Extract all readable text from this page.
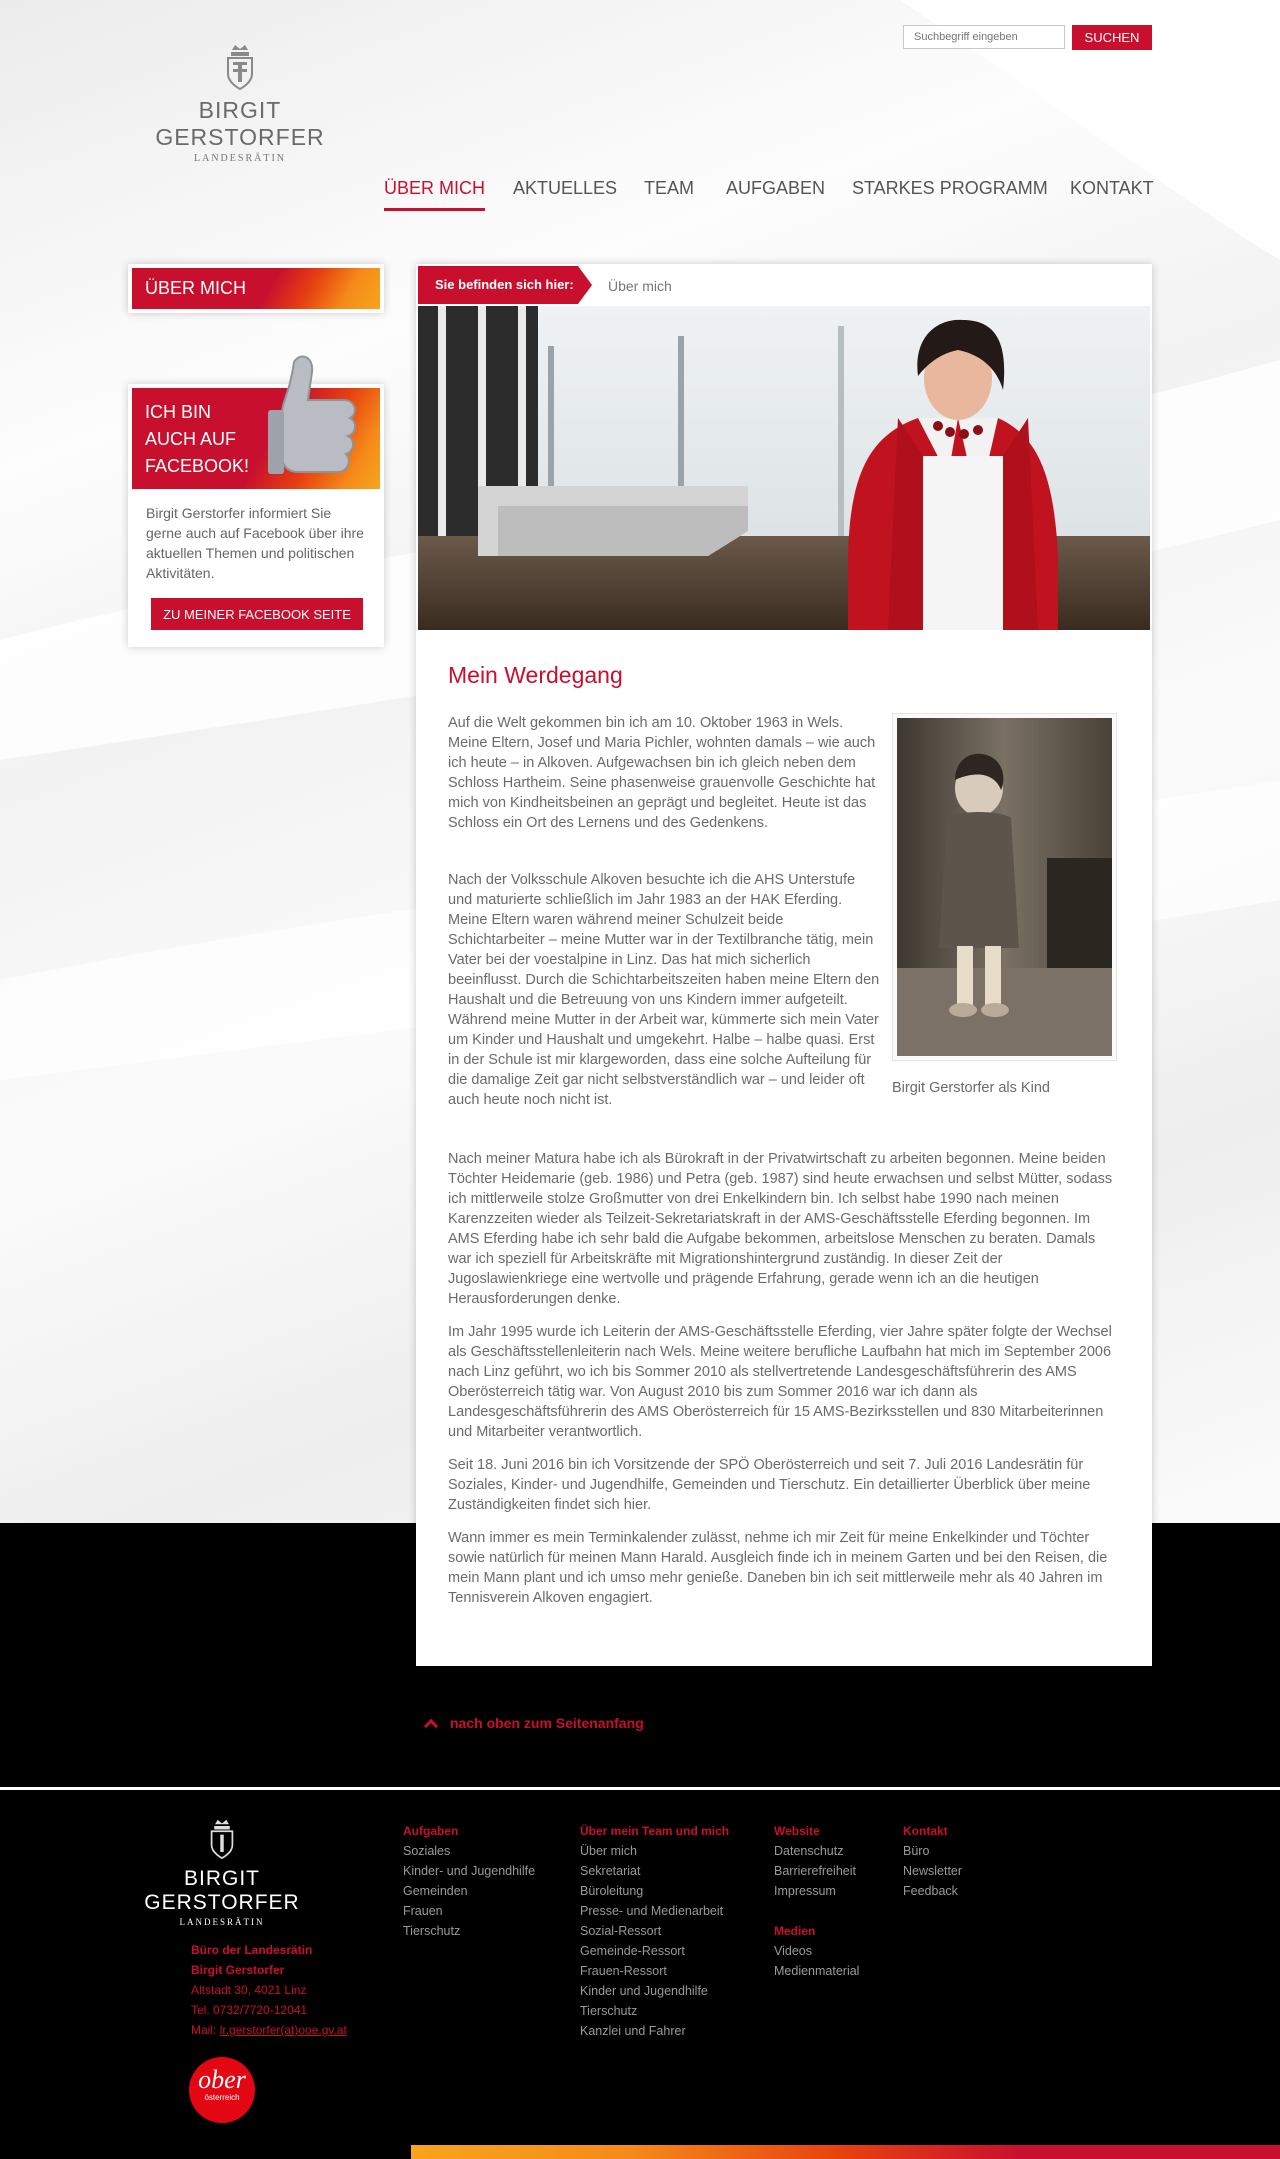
BIRGIT GERSTORFER
LANDESRÄTIN
Suchbegriff eingeben
SUCHEN
ÜBER MICH AKTUELLES TEAM AUFGABEN STARKES PROGRAMM KONTAKT
ÜBER MICH
ICH BIN
AUCH AUF
FACEBOOK!
Birgit Gerstorfer informiert Sie gerne auch auf Facebook über ihre aktuellen Themen und politischen Aktivitäten.
ZU MEINER FACEBOOK SEITE
Sie befinden sich hier:	Über mich
Mein Werdegang

Auf die Welt gekommen bin ich am 10. Oktober 1963 in Wels. Meine Eltern, Josef und Maria Pichler, wohnten damals – wie auch ich heute – in Alkoven. Aufgewachsen bin ich gleich neben dem Schloss Hartheim. Seine phasenweise grauenvolle Geschichte hat mich von Kindheitsbeinen an geprägt und begleitet. Heute ist das Schloss ein Ort des Lernens und des Gedenkens.

Nach der Volksschule Alkoven besuchte ich die AHS Unterstufe und maturierte schließlich im Jahr 1983 an der HAK Eferding. Meine Eltern waren während meiner Schulzeit beide Schichtarbeiter – meine Mutter war in der Textilbranche tätig, mein Vater bei der voestalpine in Linz. Das hat mich sicherlich beeinflusst. Durch die Schichtarbeitszeiten haben meine Eltern den Haushalt und die Betreuung von uns Kindern immer aufgeteilt. Während meine Mutter in der Arbeit war, kümmerte sich mein Vater um Kinder und Haushalt und umgekehrt. Halbe – halbe quasi. Erst in der Schule ist mir klargeworden, dass eine solche Aufteilung für die damalige Zeit gar nicht selbstverständlich war – und leider oft auch heute noch nicht ist.

Birgit Gerstorfer als Kind

Nach meiner Matura habe ich als Bürokraft in der Privatwirtschaft zu arbeiten begonnen. Meine beiden Töchter Heidemarie (geb. 1986) und Petra (geb. 1987) sind heute erwachsen und selbst Mütter, sodass ich mittlerweile stolze Großmutter von drei Enkelkindern bin. Ich selbst habe 1990 nach meinen Karenzzeiten wieder als Teilzeit-Sekretariatskraft in der AMS-Geschäftsstelle Eferding begonnen. Im AMS Eferding habe ich sehr bald die Aufgabe bekommen, arbeitslose Menschen zu beraten. Damals war ich speziell für Arbeitskräfte mit Migrationshintergrund zuständig. In dieser Zeit der Jugoslawienkriege eine wertvolle und prägende Erfahrung, gerade wenn ich an die heutigen Herausforderungen denke.

Im Jahr 1995 wurde ich Leiterin der AMS-Geschäftsstelle Eferding, vier Jahre später folgte der Wechsel als Geschäftsstellenleiterin nach Wels. Meine weitere berufliche Laufbahn hat mich im September 2006 nach Linz geführt, wo ich bis Sommer 2010 als stellvertretende Landesgeschäftsführerin des AMS Oberösterreich tätig war. Von August 2010 bis zum Sommer 2016 war ich dann als Landesgeschäftsführerin des AMS Oberösterreich für 15 AMS-Bezirksstellen und 830 Mitarbeiterinnen und Mitarbeiter verantwortlich.

Seit 18. Juni 2016 bin ich Vorsitzende der SPÖ Oberösterreich und seit 7. Juli 2016 Landesrätin für Soziales, Kinder- und Jugendhilfe, Gemeinden und Tierschutz. Ein detaillierter Überblick über meine Zuständigkeiten findet sich hier.

Wann immer es mein Terminkalender zulässt, nehme ich mir Zeit für meine Enkelkinder und Töchter sowie natürlich für meinen Mann Harald. Ausgleich finde ich in meinem Garten und bei den Reisen, die mein Mann plant und ich umso mehr genieße. Daneben bin ich seit mittlerweile mehr als 40 Jahren im Tennisverein Alkoven engagiert.

nach oben zum Seitenanfang
BIRGIT GERSTORFER
LANDESRÄTIN
Büro der Landesrätin
Birgit Gerstorfer
Altstadt 30, 4021 Linz
Tel. 0732/7720-12041
Mail: lr.gerstorfer(at)ooe.gv.at
ober
österreich
Aufgaben
Soziales
Kinder- und Jugendhilfe
Gemeinden
Frauen
Tierschutz
Über mein Team und mich
Über mich
Sekretariat
Büroleitung
Presse- und Medienarbeit
Sozial-Ressort
Gemeinde-Ressort
Frauen-Ressort
Kinder und Jugendhilfe
Tierschutz
Kanzlei und Fahrer
Website
Datenschutz
Barrierefreiheit
Impressum
Medien
Videos
Medienmaterial
Kontakt
Büro
Newsletter
Feedback
